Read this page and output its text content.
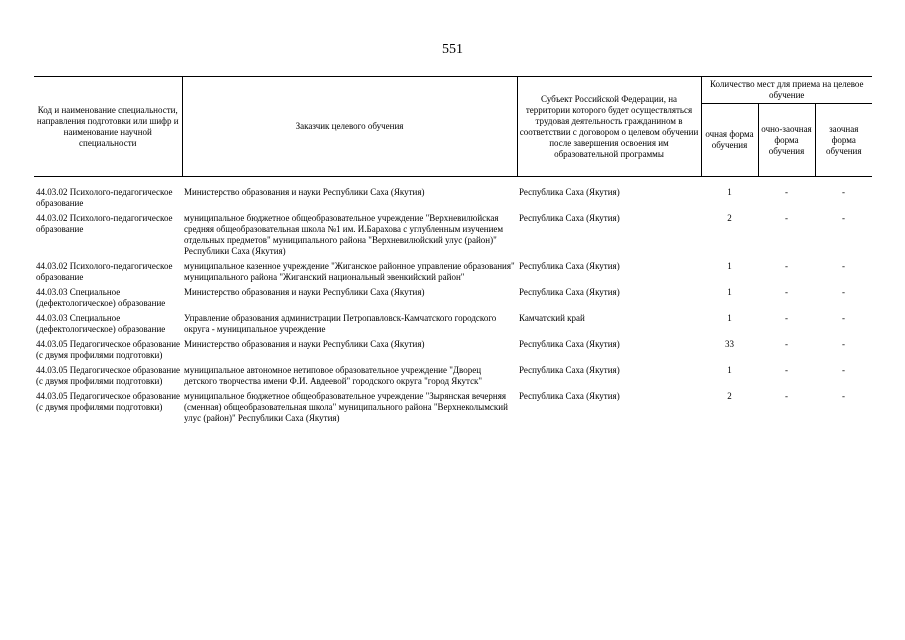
551
Код и наименование специальности, направления подготовки или шифр и наименование научной специальности	Заказчик целевого обучения	Субъект Российской Федерации, на территории которого будет осуществляться трудовая деятельность гражданином в соответствии с договором о целевом обучении после завершения освоения им образовательной программы	Количество мест для приема на целевое обучение		
			очная форма обучения	очно-заочная форма обучения	заочная форма обучения

44.03.02 Психолого-педагогическое образование	Министерство образования и науки Республики Саха (Якутия)	Республика Саха (Якутия)	1	-	-
44.03.02 Психолого-педагогическое образование	муниципальное бюджетное общеобразовательное учреждение "Верхневилюйская средняя общеобразовательная школа №1 им. И.Барахова с углубленным изучением отдельных предметов" муниципального района "Верхневилюйский улус (район)" Республики Саха (Якутия)	Республика Саха (Якутия)	2	-	-
44.03.02 Психолого-педагогическое образование	муниципальное казенное учреждение "Жиганское районное управление образования" муниципального района "Жиганский национальный эвенкийский район"	Республика Саха (Якутия)	1	-	-
44.03.03 Специальное (дефектологическое) образование	Министерство образования и науки Республики Саха (Якутия)	Республика Саха (Якутия)	1	-	-
44.03.03 Специальное (дефектологическое) образование	Управление образования администрации Петропавловск-Камчатского городского округа - муниципальное учреждение	Камчатский край	1	-	-
44.03.05 Педагогическое образование (с двумя профилями подготовки)	Министерство образования и науки Республики Саха (Якутия)	Республика Саха (Якутия)	33	-	-
44.03.05 Педагогическое образование (с двумя профилями подготовки)	муниципальное автономное нетиповое образовательное учреждение "Дворец детского творчества имени Ф.И. Авдеевой" городского округа "город Якутск"	Республика Саха (Якутия)	1	-	-
44.03.05 Педагогическое образование (с двумя профилями подготовки)	муниципальное бюджетное общеобразовательное учреждение "Зырянская вечерняя (сменная) общеобразовательная школа" муниципального района "Верхнеколымский улус (район)" Республики Саха (Якутия)	Республика Саха (Якутия)	2	-	-
